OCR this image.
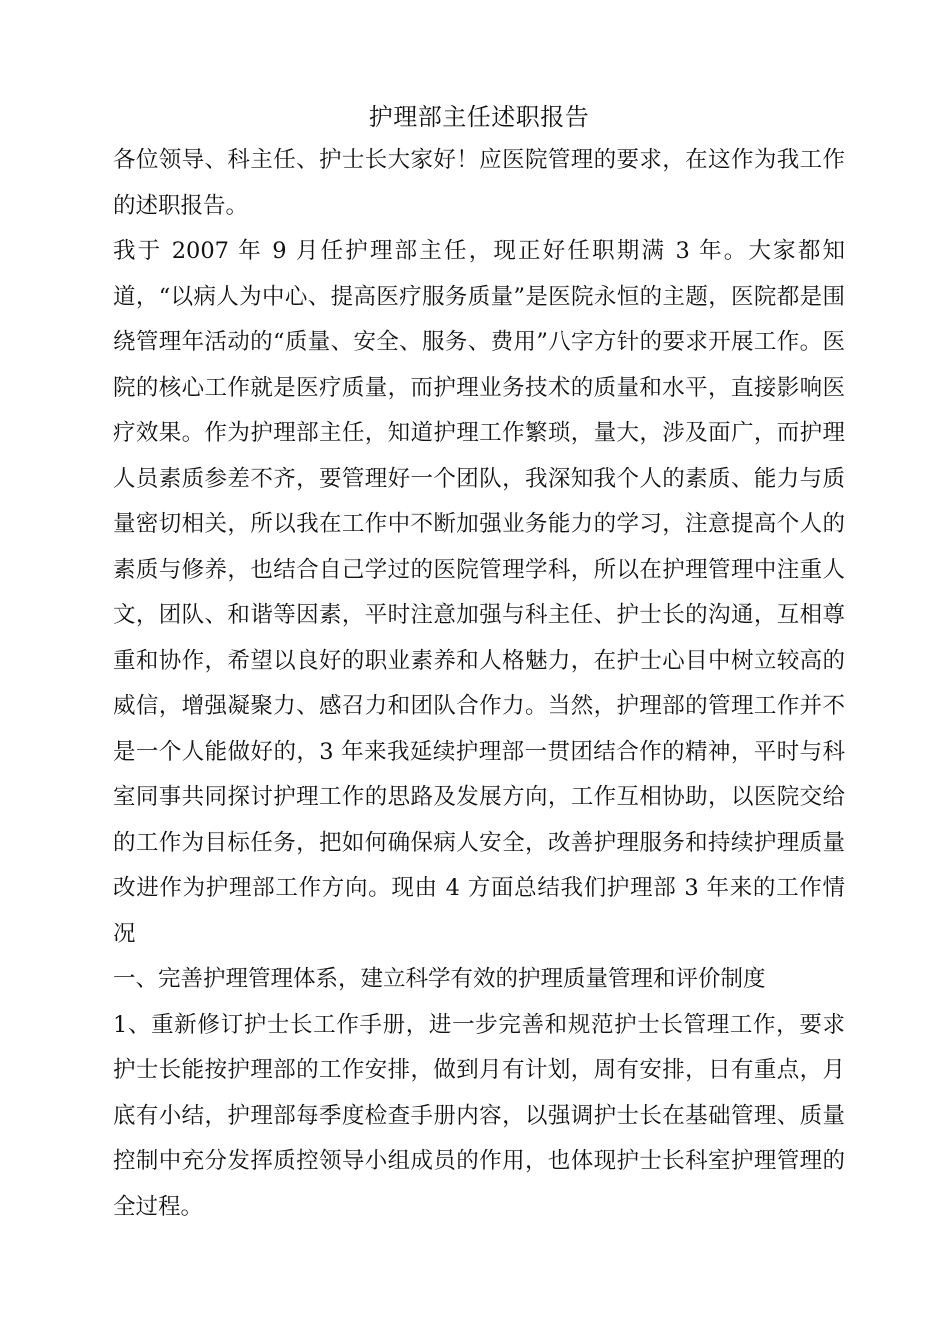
护理部主任述职报告

各位领导、科主任、护士长大家好！应医院管理的要求，在这作为我工作的述职报告。

我于 2007 年 9 月任护理部主任，现正好任职期满 3 年。大家都知道，“以病人为中心、提高医疗服务质量”是医院永恒的主题，医院都是围绕管理年活动的“质量、安全、服务、费用”八字方针的要求开展工作。医院的核心工作就是医疗质量，而护理业务技术的质量和水平，直接影响医疗效果。作为护理部主任，知道护理工作繁琐，量大，涉及面广，而护理人员素质参差不齐，要管理好一个团队，我深知我个人的素质、能力与质量密切相关，所以我在工作中不断加强业务能力的学习，注意提高个人的素质与修养，也结合自己学过的医院管理学科，所以在护理管理中注重人文，团队、和谐等因素，平时注意加强与科主任、护士长的沟通，互相尊重和协作，希望以良好的职业素养和人格魅力，在护士心目中树立较高的威信，增强凝聚力、感召力和团队合作力。当然，护理部的管理工作并不是一个人能做好的，3 年来我延续护理部一贯团结合作的精神，平时与科室同事共同探讨护理工作的思路及发展方向，工作互相协助，以医院交给的工作为目标任务，把如何确保病人安全，改善护理服务和持续护理质量改进作为护理部工作方向。现由 4 方面总结我们护理部 3 年来的工作情况

一、完善护理管理体系，建立科学有效的护理质量管理和评价制度

1、重新修订护士长工作手册，进一步完善和规范护士长管理工作，要求护士长能按护理部的工作安排，做到月有计划，周有安排，日有重点，月底有小结，护理部每季度检查手册内容，以强调护士长在基础管理、质量控制中充分发挥质控领导小组成员的作用，也体现护士长科室护理管理的全过程。
